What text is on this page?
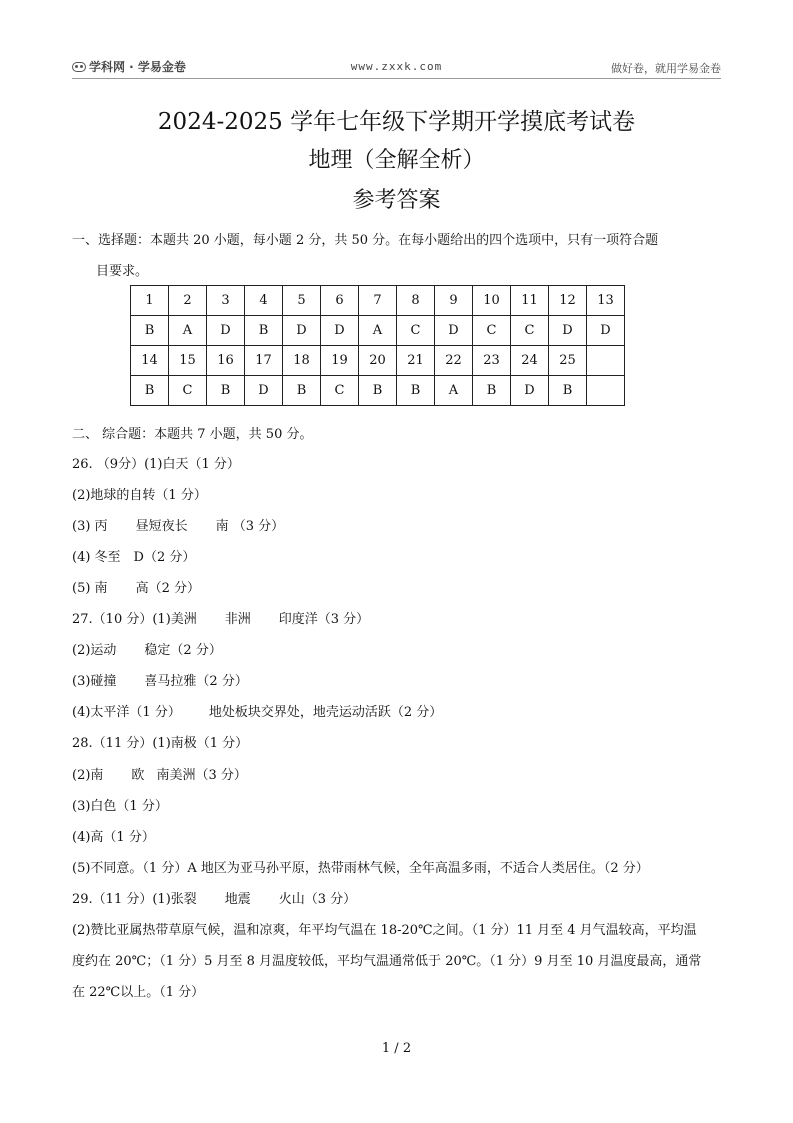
学科网 · 学易金卷	www.zxxk.com	做好卷，就用学易金卷
2024-2025 学年七年级下学期开学摸底考试卷
地理（全解全析）
参考答案
一、选择题：本题共 20 小题，每小题 2 分，共 50 分。在每小题给出的四个选项中，只有一项符合题
目要求。
1	2	3	4	5	6	7	8	9	10	11	12	13
B	A	D	B	D	D	A	C	D	C	C	D	D
14	15	16	17	18	19	20	21	22	23	24	25	
B	C	B	D	B	C	B	B	A	B	D	B	
二、 综合题：本题共 7 小题，共 50 分。
26. （9分）(1)白天（1 分）
(2)地球的自转（1 分）
(3) 丙 昼短夜长 南 （3 分）
(4) 冬至　D（2 分）
(5) 南 高（2 分）
27.（10 分）(1)美洲 非洲 印度洋（3 分）
(2)运动 稳定（2 分）
(3)碰撞 喜马拉雅（2 分）
(4)太平洋（1 分） 地处板块交界处，地壳运动活跃（2 分）
28.（11 分）(1)南极（1 分）
(2)南 欧 南美洲（3 分）
(3)白色（1 分）
(4)高（1 分）
(5)不同意。（1 分）A 地区为亚马孙平原，热带雨林气候，全年高温多雨，不适合人类居住。（2 分）
29.（11 分）(1)张裂 地震 火山（3 分）
(2)赞比亚属热带草原气候，温和凉爽，年平均气温在 18-20℃之间。（1 分）11 月至 4 月气温较高，平均温
度约在 20℃；（1 分）5 月至 8 月温度较低，平均气温通常低于 20℃。（1 分）9 月至 10 月温度最高，通常
在 22℃以上。（1 分）
1 / 2
